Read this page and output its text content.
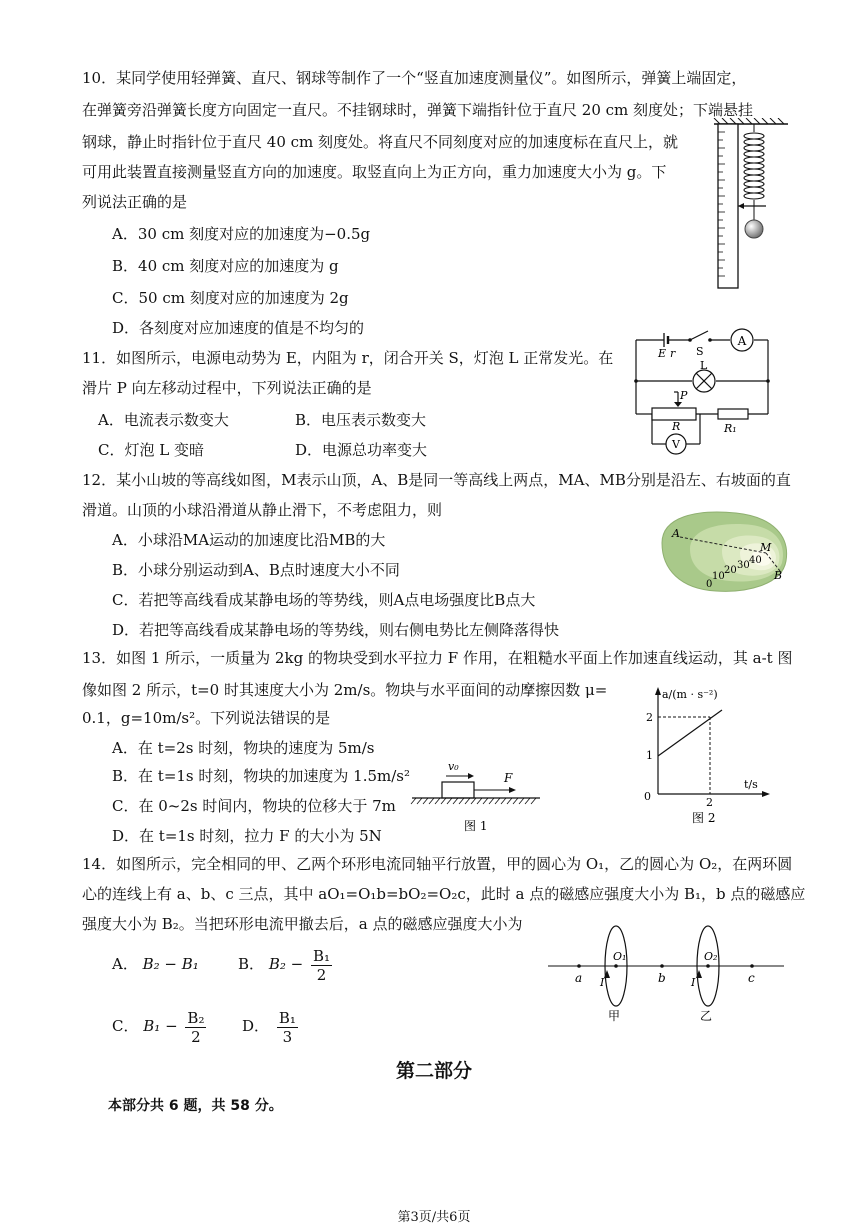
10．某同学使用轻弹簧、直尺、钢球等制作了一个“竖直加速度测量仪”。如图所示，弹簧上端固定，
在弹簧旁沿弹簧长度方向固定一直尺。不挂钢球时，弹簧下端指针位于直尺 20 cm 刻度处；下端悬挂
钢球，静止时指针位于直尺 40 cm 刻度处。将直尺不同刻度对应的加速度标在直尺上，就
可用此装置直接测量竖直方向的加速度。取竖直向上为正方向，重力加速度大小为 g。下
列说法正确的是
A．30 cm 刻度对应的加速度为−0.5g
B．40 cm 刻度对应的加速度为 g
C．50 cm 刻度对应的加速度为 2g
D．各刻度对应加速度的值是不均匀的
11．如图所示，电源电动势为 E，内阻为 r，闭合开关 S，灯泡 L 正常发光。在
滑片 P 向左移动过程中，下列说法正确的是
A．电流表示数变大	B．电压表示数变大
C．灯泡 L 变暗	D．电源总功率变大
A
V
E r S
L
P
R	R₁
12．某小山坡的等高线如图，M表示山顶，A、B是同一等高线上两点，MA、MB分别是沿左、右坡面的直
滑道。山顶的小球沿滑道从静止滑下，不考虑阻力，则
A．小球沿MA运动的加速度比沿MB的大
B．小球分别运动到A、B点时速度大小不同
C．若把等高线看成某静电场的等势线，则A点电场强度比B点大
D．若把等高线看成某静电场的等势线，则右侧电势比左侧降落得快
A
M
B
0
10
20 30 40
13．如图 1 所示，一质量为 2kg 的物块受到水平拉力 F 作用，在粗糙水平面上作加速直线运动，其 a-t 图
像如图 2 所示，t=0 时其速度大小为 2m/s。物块与水平面间的动摩擦因数 μ=
0.1，g=10m/s²。下列说法错误的是
A．在 t=2s 时刻，物块的速度为 5m/s
B．在 t=1s 时刻，物块的加速度为 1.5m/s²
C．在 0~2s 时间内，物块的位移大于 7m
D．在 t=1s 时刻，拉力 F 的大小为 5N
v₀
F
图 1
a/(m · s⁻²)
t/s
2
1
0	2
图 2
14．如图所示，完全相同的甲、乙两个环形电流同轴平行放置，甲的圆心为 O₁，乙的圆心为 O₂，在两环圆
心的连线上有 a、b、c 三点，其中 aO₁=O₁b=bO₂=O₂c，此时 a 点的磁感应强度大小为 B₁，b 点的磁感应
强度大小为 B₂。当把环形电流甲撤去后，a 点的磁感应强度大小为
A． B₂ − B₁	B． $B_2 - \frac{\text{B₁}}{2}$
C． $B_1 - \frac{\text{B₂}}{2}$ D． $\frac{\text{B₁}}{3}$
a	b	c
O₁	O₂
I	I
甲	乙
第二部分
本部分共 6 题，共 58 分。
第3页/共6页
